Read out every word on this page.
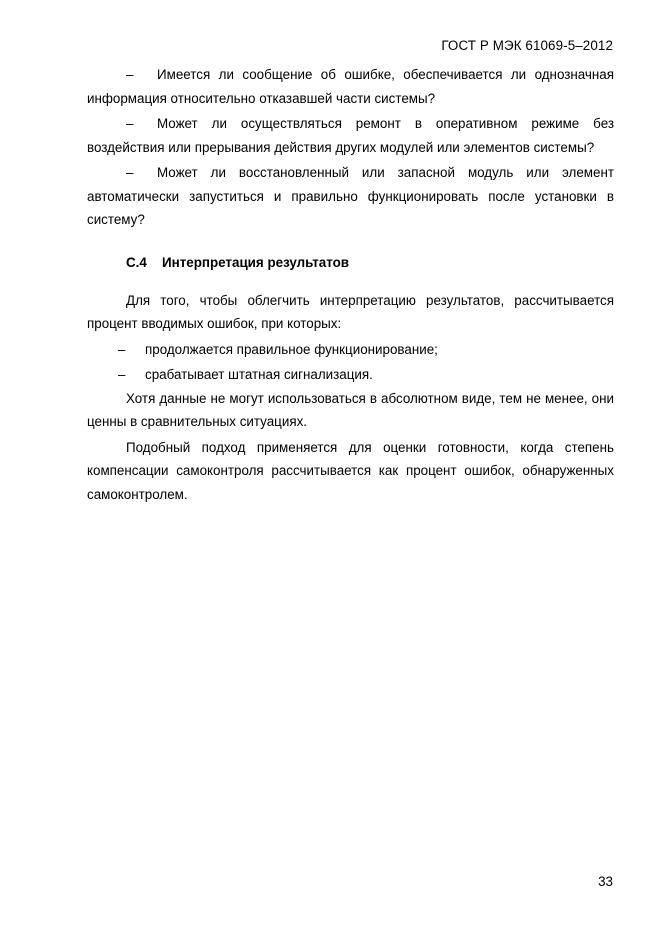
ГОСТ Р МЭК 61069-5–2012

– Имеется ли сообщение об ошибке, обеспечивается ли однозначная информация относительно отказавшей части системы?

– Может ли осуществляться ремонт в оперативном режиме без воздействия или прерывания действия других модулей или элементов системы?

– Может ли восстановленный или запасной модуль или элемент автоматически запуститься и правильно функционировать после установки в систему?

С.4 Интерпретация результатов

Для того, чтобы облегчить интерпретацию результатов, рассчитывается процент вводимых ошибок, при которых:

– продолжается правильное функционирование;
– срабатывает штатная сигнализация.

Хотя данные не могут использоваться в абсолютном виде, тем не менее, они ценны в сравнительных ситуациях.

Подобный подход применяется для оценки готовности, когда степень компенсации самоконтроля рассчитывается как процент ошибок, обнаруженных самоконтролем.

33
